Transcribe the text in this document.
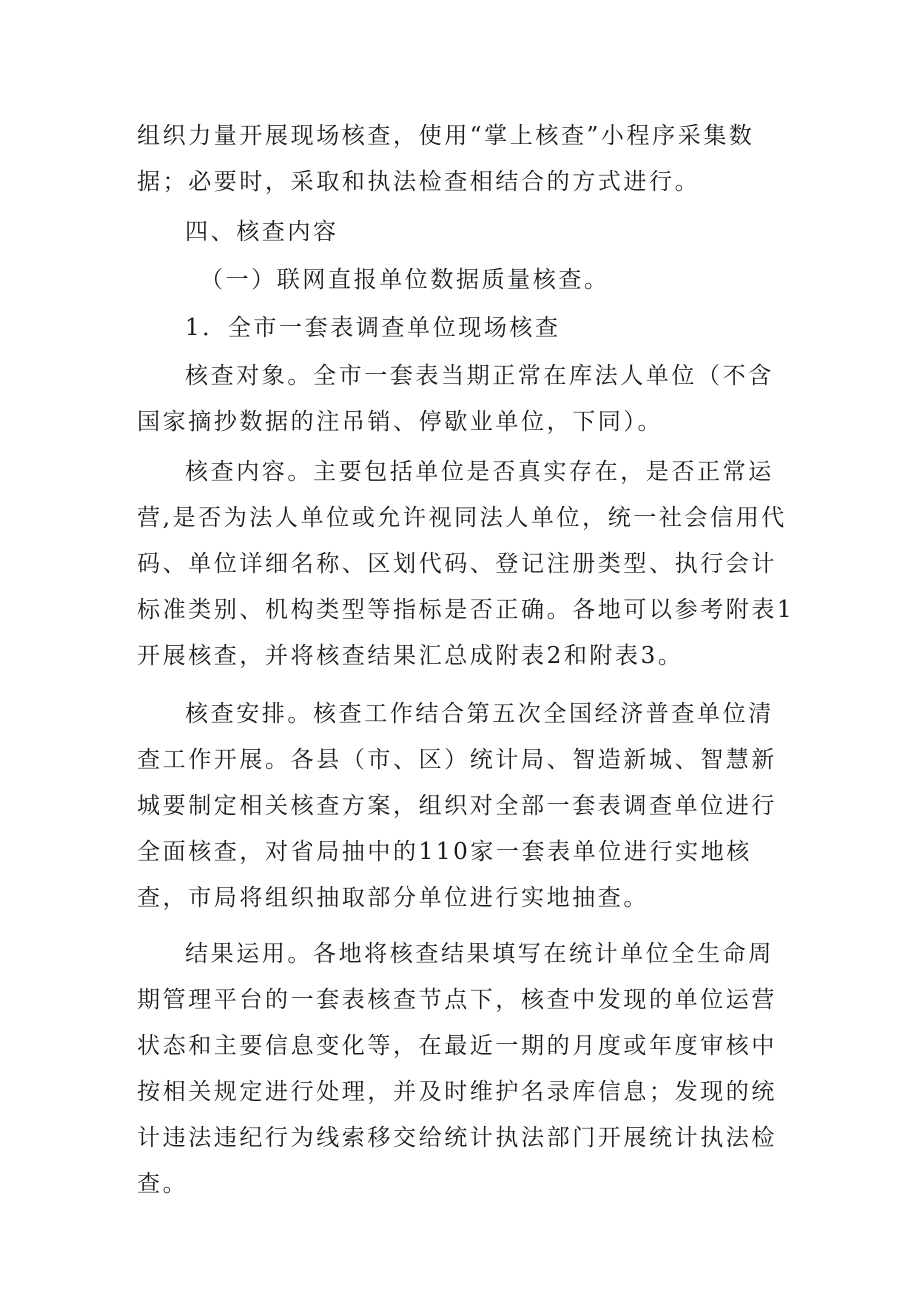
组织力量开展现场核查，使用“掌上核查”小程序采集数据；必要时，采取和执法检查相结合的方式进行。

四、核查内容

（一）联网直报单位数据质量核查。

1．全市一套表调查单位现场核查

核查对象。全市一套表当期正常在库法人单位（不含国家摘抄数据的注吊销、停歇业单位，下同）。

核查内容。主要包括单位是否真实存在，是否正常运营,是否为法人单位或允许视同法人单位，统一社会信用代码、单位详细名称、区划代码、登记注册类型、执行会计标准类别、机构类型等指标是否正确。各地可以参考附表1开展核查，并将核查结果汇总成附表2和附表3。

核查安排。核查工作结合第五次全国经济普查单位清查工作开展。各县（市、区）统计局、智造新城、智慧新城要制定相关核查方案，组织对全部一套表调查单位进行全面核查，对省局抽中的110家一套表单位进行实地核查，市局将组织抽取部分单位进行实地抽查。

结果运用。各地将核查结果填写在统计单位全生命周期管理平台的一套表核查节点下，核查中发现的单位运营状态和主要信息变化等，在最近一期的月度或年度审核中按相关规定进行处理，并及时维护名录库信息；发现的统计违法违纪行为线索移交给统计执法部门开展统计执法检查。
